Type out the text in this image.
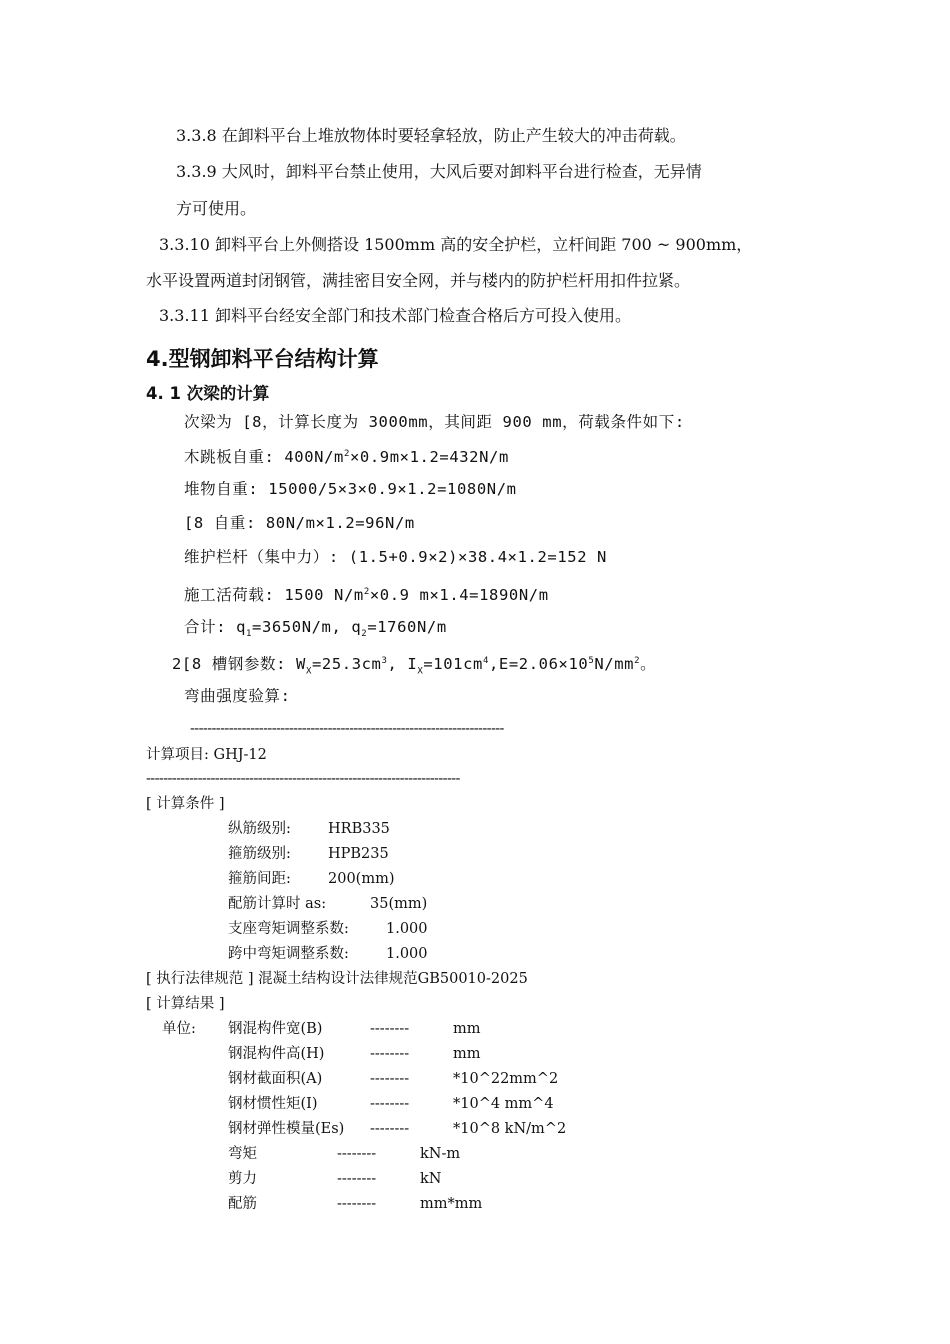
3.3.8 在卸料平台上堆放物体时要轻拿轻放，防止产生较大的冲击荷载。
3.3.9 大风时，卸料平台禁止使用，大风后要对卸料平台进行检查，无异情
方可使用。
3.3.10 卸料平台上外侧搭设 1500mm 高的安全护栏，立杆间距 700 ~ 900mm，
水平设置两道封闭钢管，满挂密目安全网，并与楼内的防护栏杆用扣件拉紧。
3.3.11 卸料平台经安全部门和技术部门检查合格后方可投入使用。
4.型钢卸料平台结构计算
4. 1 次梁的计算
次梁为 [8，计算长度为 3000mm，其间距 900 mm，荷载条件如下:
木跳板自重: $400N/m^2\times 0.9m\times 1.2=432N/m$
堆物自重: 15000/5×3×0.9×1.2=1080N/m
[8 自重: 80N/m×1.2=96N/m
维护栏杆（集中力）: (1.5+0.9×2)×38.4×1.2=152 N
施工活荷载: 1500 $N/m^2\times 0.9$ m×1.4=1890N/m
合计: $q_1=3650N/m$, $q_2=1760N/m$
2[8 槽钢参数: $W_X=25.3cm^3$, $I_X=101cm^4,E=2.06\times 10^5N/mm^2$。
弯曲强度验算:
-------------------------------------------------------------------------
计算项目: GHJ-12
-------------------------------------------------------------------------
[ 计算条件 ]
纵筋级别:	HRB335
箍筋级别:	HPB235
箍筋间距:	200(mm)
配筋计算时 as:	35(mm)
支座弯矩调整系数:	1.000
跨中弯矩调整系数:	1.000
[ 执行法律规范 ] 混凝土结构设计法律规范GB50010-2025
[ 计算结果 ]
单位: 钢混构件宽(B)	--------	mm
钢混构件高(H)	--------	mm
钢材截面积(A)	--------	*10^22mm^2
钢材惯性矩(I)	--------	*10^4 mm^4
钢材弹性模量(Es) --------	*10^8 kN/m^2
弯矩	--------	kN-m
剪力	--------	kN
配筋	--------	mm*mm
